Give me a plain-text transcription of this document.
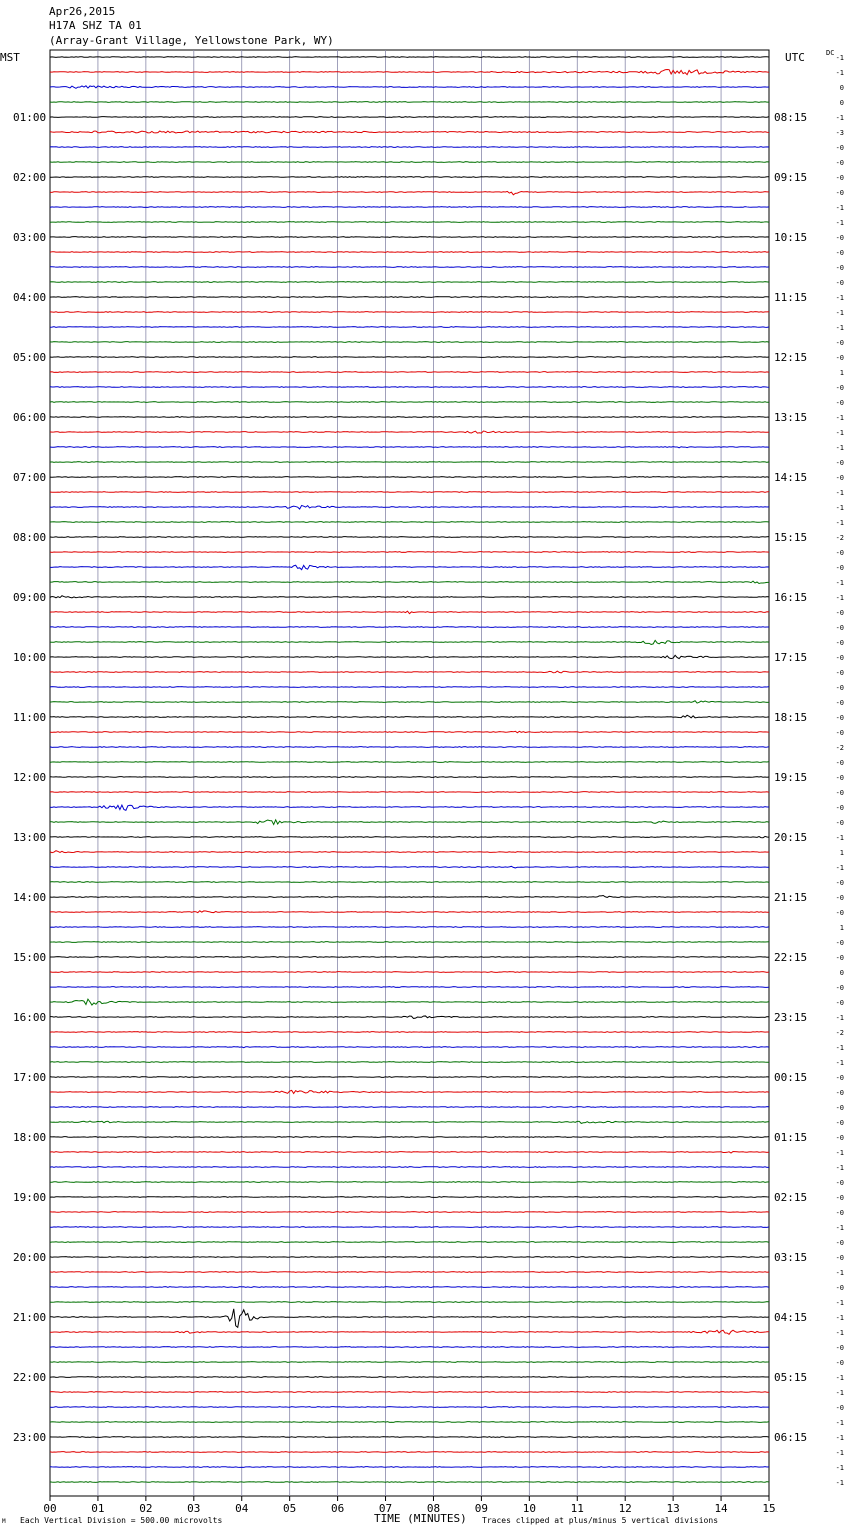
Apr26,2015
H17A SHZ TA 01
(Array-Grant Village, Yellowstone Park, WY)
MST	UTC	DC
00	01	02	03	04	05	06	07	08	09	10	11	12	13	14	15
-1
-1
0
0
-1
-3
-0
-0
-0
-0
-1
-1
-0
-0
-0
-0
-1
-1
-1
-0
-0
1
-0
-0
-1
-1
-1
-0
-0
-1
-1
-1
-2
-0
-0
-1
-1
-0
-0
-0
-0
-0
-0
-0
-0
-0
-2
-0
-0
-0
-0
-0
-1
1
-1
-0
-0
-0
1
-0
-0
0
-0
-0
-1
-2
-1
-1
-0
-0
-0
-0
-0
-1
-1
-0
-0
-0
-1
-0
-0
-1
-0
-1
-1
-1
-0
-0
-1
-1
-0
-1
-1
-1
-1
-1
01:00
02:00
03:00
04:00
05:00
06:00
07:00
08:00
09:00
10:00
11:00
12:00
13:00
14:00
15:00
16:00
17:00
18:00
19:00
20:00
21:00
22:00
23:00
08:15
09:15
10:15
11:15
12:15
13:15
14:15
15:15
16:15
17:15
18:15
19:15
20:15
21:15
22:15
23:15
00:15
01:15
02:15
03:15
04:15
05:15
06:15
TIME (MINUTES)
M Each Vertical Division = 500.00 microvolts	Traces clipped at plus/minus 5 vertical divisions
